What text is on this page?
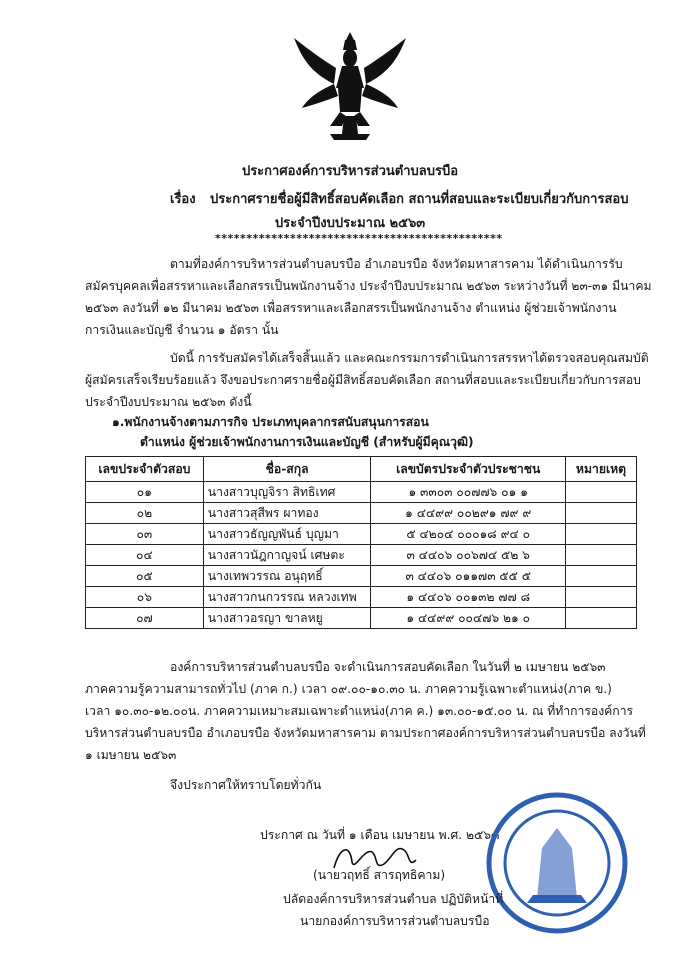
ประกาศองค์การบริหารส่วนตำบลบรบือ
เรื่อง ประกาศรายชื่อผู้มีสิทธิ์สอบคัดเลือก สถานที่สอบและระเบียบเกี่ยวกับการสอบ
ประจำปีงบประมาณ ๒๕๖๓
**********************************************
ตามที่องค์การบริหารส่วนตำบลบรบือ อำเภอบรบือ จังหวัดมหาสารคาม ได้ดำเนินการรับ
สมัครบุคคลเพื่อสรรหาและเลือกสรรเป็นพนักงานจ้าง ประจำปีงบประมาณ ๒๕๖๓ ระหว่างวันที่ ๒๓-๓๑ มีนาคม
๒๕๖๓ ลงวันที่ ๑๒ มีนาคม ๒๕๖๓ เพื่อสรรหาและเลือกสรรเป็นพนักงานจ้าง ตำแหน่ง ผู้ช่วยเจ้าพนักงาน
การเงินและบัญชี จำนวน ๑ อัตรา นั้น
บัดนี้ การรับสมัครได้เสร็จสิ้นแล้ว และคณะกรรมการดำเนินการสรรหาได้ตรวจสอบคุณสมบัติ
ผู้สมัครเสร็จเรียบร้อยแล้ว จึงขอประกาศรายชื่อผู้มีสิทธิ์สอบคัดเลือก สถานที่สอบและระเบียบเกี่ยวกับการสอบ
ประจำปีงบประมาณ ๒๕๖๓ ดังนี้
๑.พนักงานจ้างตามภารกิจ ประเภทบุคลากรสนับสนุนการสอน
ตำแหน่ง ผู้ช่วยเจ้าพนักงานการเงินและบัญชี (สำหรับผู้มีคุณวุฒิ)
เลขประจำตัวสอบ	ชื่อ-สกุล	เลขบัตรประจำตัวประชาชน	หมายเหตุ
๐๑	นางสาวบุญจิรา สิทธิเทศ	๑ ๓๓๐๓ ๐๐๗๗๖ ๐๑ ๑	
๐๒	นางสาวสุสีพร ผาทอง	๑ ๔๔๙๙ ๐๐๒๙๑ ๗๙ ๙	
๐๓	นางสาวธัญญพันธ์ บุญมา	๕ ๔๒๐๔ ๐๐๐๑๘ ๙๔ ๐	
๐๔	นางสาวนัฎกาญจน์ เศษตะ	๓ ๔๔๐๖ ๐๐๖๗๔ ๕๒ ๖	
๐๕	นางเทพวรรณ อนุฤทธิ์	๓ ๔๔๐๖ ๐๑๑๗๓ ๕๕ ๕	
๐๖	นางสาวกนกวรรณ หลวงเทพ	๑ ๔๔๐๖ ๐๐๑๓๒ ๗๗ ๘	
๐๗	นางสาวอรญา ขาลหยู	๑ ๔๔๙๙ ๐๐๔๗๖ ๒๑ ๐	
องค์การบริหารส่วนตำบลบรบือ จะดำเนินการสอบคัดเลือก ในวันที่ ๒ เมษายน ๒๕๖๓
ภาคความรู้ความสามารถทั่วไป (ภาค ก.) เวลา ๐๙.๐๐-๑๐.๓๐ น. ภาคความรู้เฉพาะตำแหน่ง(ภาค ข.)
เวลา ๑๐.๓๐-๑๒.๐๐น. ภาคความเหมาะสมเฉพาะตำแหน่ง(ภาค ค.) ๑๓.๐๐-๑๕.๐๐ น. ณ ที่ทำการองค์การ
บริหารส่วนตำบลบรบือ อำเภอบรบือ จังหวัดมหาสารคาม ตามประกาศองค์การบริหารส่วนตำบลบรบือ ลงวันที่
๑ เมษายน ๒๕๖๓
จึงประกาศให้ทราบโดยทั่วกัน
ประกาศ ณ วันที่ ๑ เดือน เมษายน พ.ศ. ๒๕๖๓
(นายวฤทธิ์ สารฤทธิคาม)
ปลัดองค์การบริหารส่วนตำบล ปฏิบัติหน้าที่
นายกองค์การบริหารส่วนตำบลบรบือ
